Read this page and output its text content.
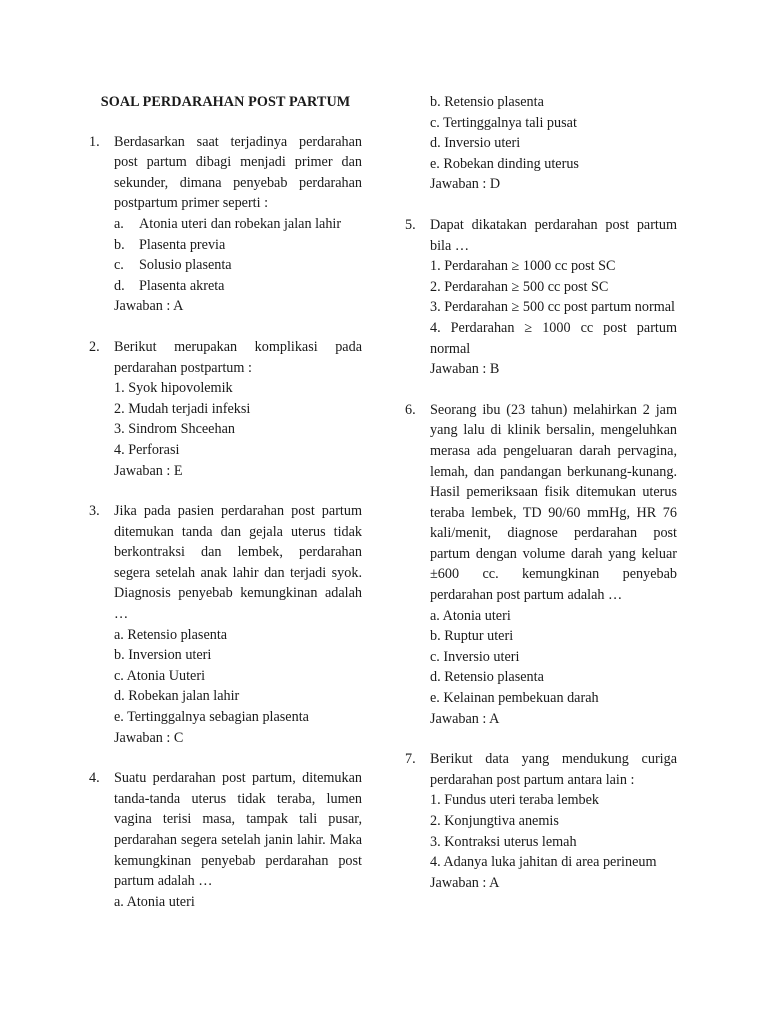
SOAL PERDARAHAN POST PARTUM
1.	Berdasarkan saat terjadinya perdarahan post partum dibagi menjadi primer dan sekunder, dimana penyebab perdarahan postpartum primer seperti :
a.	Atonia uteri dan robekan jalan lahir
b.	Plasenta previa
c.	Solusio plasenta
d.	Plasenta akreta
Jawaban : A
2.	Berikut merupakan komplikasi pada perdarahan postpartum :
1. Syok hipovolemik
2. Mudah terjadi infeksi
3. Sindrom Shceehan
4. Perforasi
Jawaban : E
3.	Jika pada pasien perdarahan post partum ditemukan tanda dan gejala uterus tidak berkontraksi dan lembek, perdarahan segera setelah anak lahir dan terjadi syok. Diagnosis penyebab kemungkinan adalah …
a. Retensio plasenta
b. Inversion uteri
c. Atonia Uuteri
d. Robekan jalan lahir
e. Tertinggalnya sebagian plasenta
Jawaban : C
4.	Suatu perdarahan post partum, ditemukan tanda-tanda uterus tidak teraba, lumen vagina terisi masa, tampak tali pusar, perdarahan segera setelah janin lahir. Maka kemungkinan penyebab perdarahan post partum adalah …
a. Atonia uteri
b. Retensio plasenta
c. Tertinggalnya tali pusat
d. Inversio uteri
e. Robekan dinding uterus
Jawaban : D
5.	Dapat dikatakan perdarahan post partum bila …
1. Perdarahan ≥ 1000 cc post SC
2. Perdarahan ≥ 500 cc post SC
3. Perdarahan ≥ 500 cc post partum normal
4. Perdarahan ≥ 1000 cc post partum normal
Jawaban : B
6.	Seorang ibu (23 tahun) melahirkan 2 jam yang lalu di klinik bersalin, mengeluhkan merasa ada pengeluaran darah pervagina, lemah, dan pandangan berkunang-kunang. Hasil pemeriksaan fisik ditemukan uterus teraba lembek, TD 90/60 mmHg, HR 76 kali/menit, diagnose perdarahan post partum dengan volume darah yang keluar ±600 cc. kemungkinan penyebab perdarahan post partum adalah …
a. Atonia uteri
b. Ruptur uteri
c. Inversio uteri
d. Retensio plasenta
e. Kelainan pembekuan darah
Jawaban : A
7.	Berikut data yang mendukung curiga perdarahan post partum antara lain :
1. Fundus uteri teraba lembek
2. Konjungtiva anemis
3. Kontraksi uterus lemah
4. Adanya luka jahitan di area perineum
Jawaban : A
